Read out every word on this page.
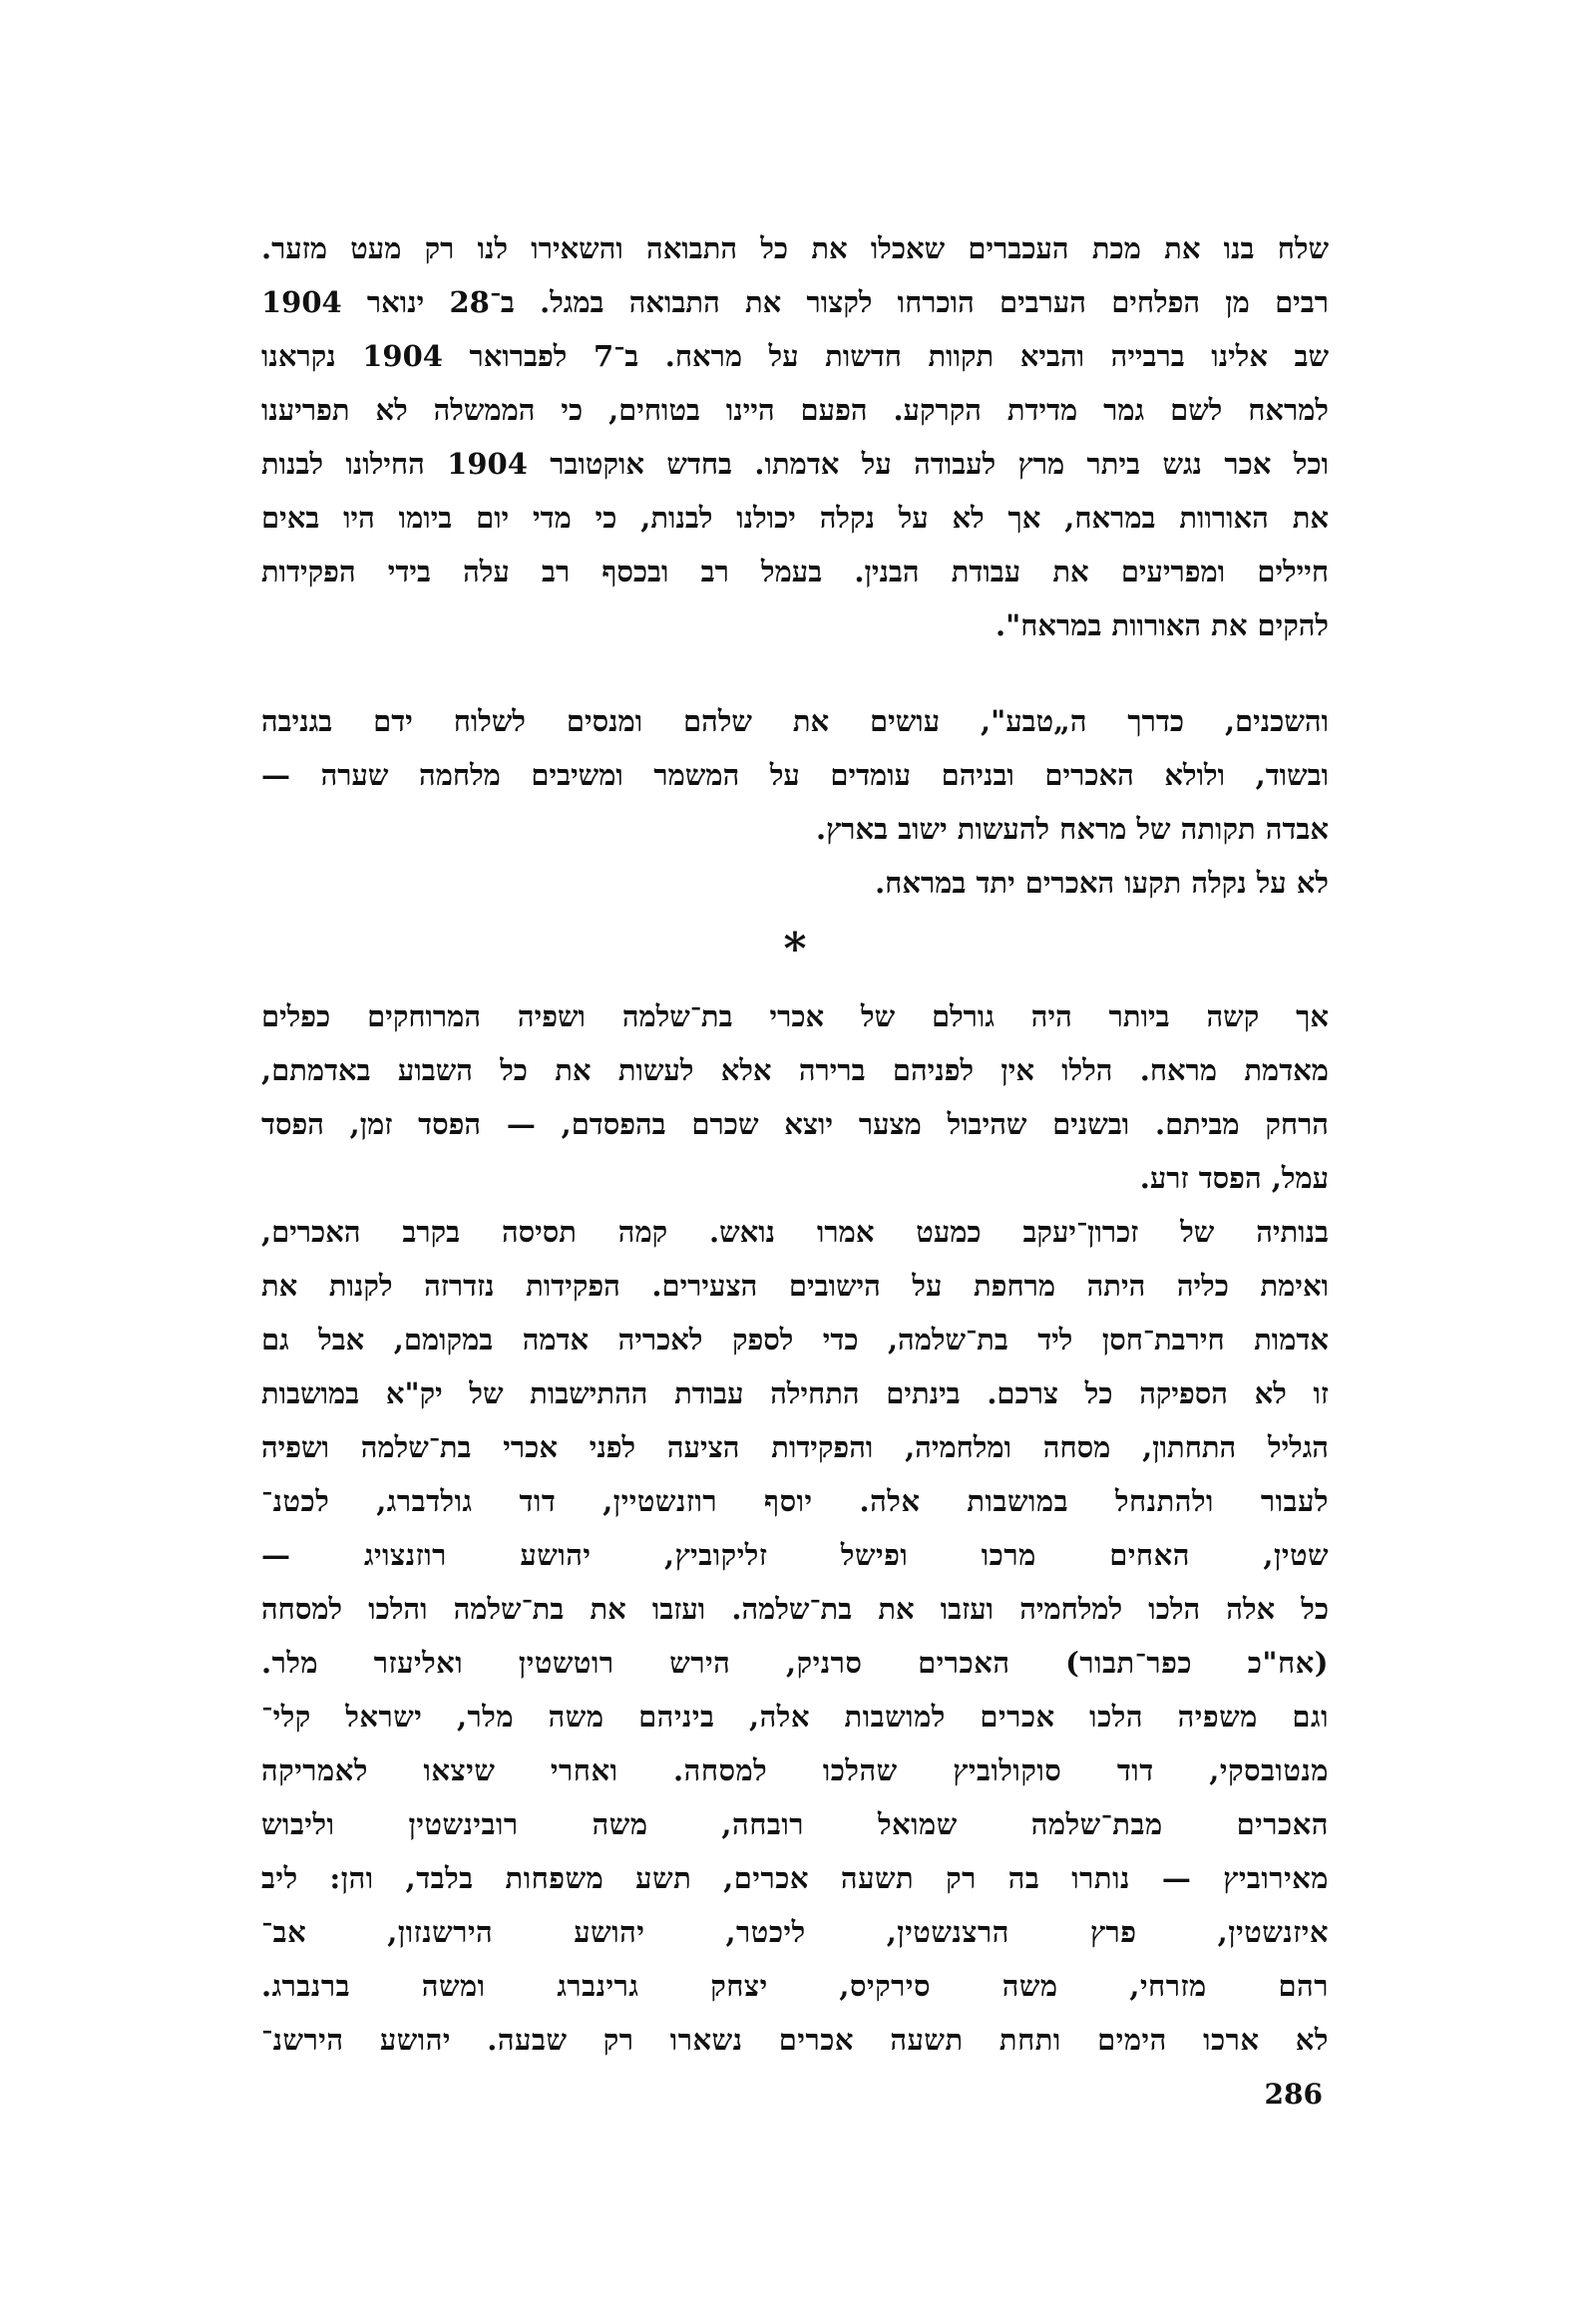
שלח בנו את מכת העכברים שאכלו את כל התבואה והשאירו לנו רק מעט מזער.
רבים מן הפלחים הערבים הוכרחו לקצור את התבואה במגל. ב־28 ינואר 1904
שב אלינו ברבייה והביא תקוות חדשות על מראח. ב־7 לפברואר 1904 נקראנו
למראח לשם גמר מדידת הקרקע. הפעם היינו בטוחים, כי הממשלה לא תפריענו
וכל אכר נגש ביתר מרץ לעבודה על אדמתו. בחדש אוקטובר 1904 החילונו לבנות
את האורוות במראח, אך לא על נקלה יכולנו לבנות, כי מדי יום ביומו היו באים
חיילים ומפריעים את עבודת הבנין. בעמל רב ובכסף רב עלה בידי הפקידות
להקים את האורוות במראח".
והשכנים, כדרך ה„טבע", עושים את שלהם ומנסים לשלוח ידם בגניבה
ובשוד, ולולא האכרים ובניהם עומדים על המשמר ומשיבים מלחמה שערה —
אבדה תקותה של מראח להעשות ישוב בארץ.
לא על נקלה תקעו האכרים יתד במראח.
*
אך קשה ביותר היה גורלם של אכרי בת־שלמה ושפיה המרוחקים כפלים
מאדמת מראח. הללו אין לפניהם ברירה אלא לעשות את כל השבוע באדמתם,
הרחק מביתם. ובשנים שהיבול מצער יוצא שכרם בהפסדם, — הפסד זמן, הפסד
עמל, הפסד זרע.
בנותיה של זכרון־יעקב כמעט אמרו נואש. קמה תסיסה בקרב האכרים,
ואימת כליה היתה מרחפת על הישובים הצעירים. הפקידות נזדרזה לקנות את
אדמות חירבת־חסן ליד בת־שלמה, כדי לספק לאכריה אדמה במקומם, אבל גם
זו לא הספיקה כל צרכם. בינתים התחילה עבודת ההתישבות של יק"א במושבות
הגליל התחתון, מסחה ומלחמיה, והפקידות הציעה לפני אכרי בת־שלמה ושפיה
לעבור ולהתנחל במושבות אלה. יוסף רוזנשטיין, דוד גולדברג, לכטנ־
שטין, האחים מרכו ופישל זליקוביץ, יהושע רוזנצויג —
כל אלה הלכו למלחמיה ועזבו את בת־שלמה. ועזבו את בת־שלמה והלכו למסחה
(אח"כ כפר־תבור) האכרים סרניק, הירש רוטשטין ואליעזר מלר.
וגם משפיה הלכו אכרים למושבות אלה, ביניהם משה מלר, ישראל קלי־
מנטובסקי, דוד סוקולוביץ שהלכו למסחה. ואחרי שיצאו לאמריקה
האכרים מבת־שלמה שמואל רובחה, משה רובינשטין וליבוש
מאירוביץ — נותרו בה רק תשעה אכרים, תשע משפחות בלבד, והן: ליב
איזנשטין, פרץ הרצנשטין, ליכטר, יהושע הירשנזון, אב־
רהם מזרחי, משה סירקיס, יצחק גרינברג ומשה ברנברג.
לא ארכו הימים ותחת תשעה אכרים נשארו רק שבעה. יהושע הירשנ־
286
